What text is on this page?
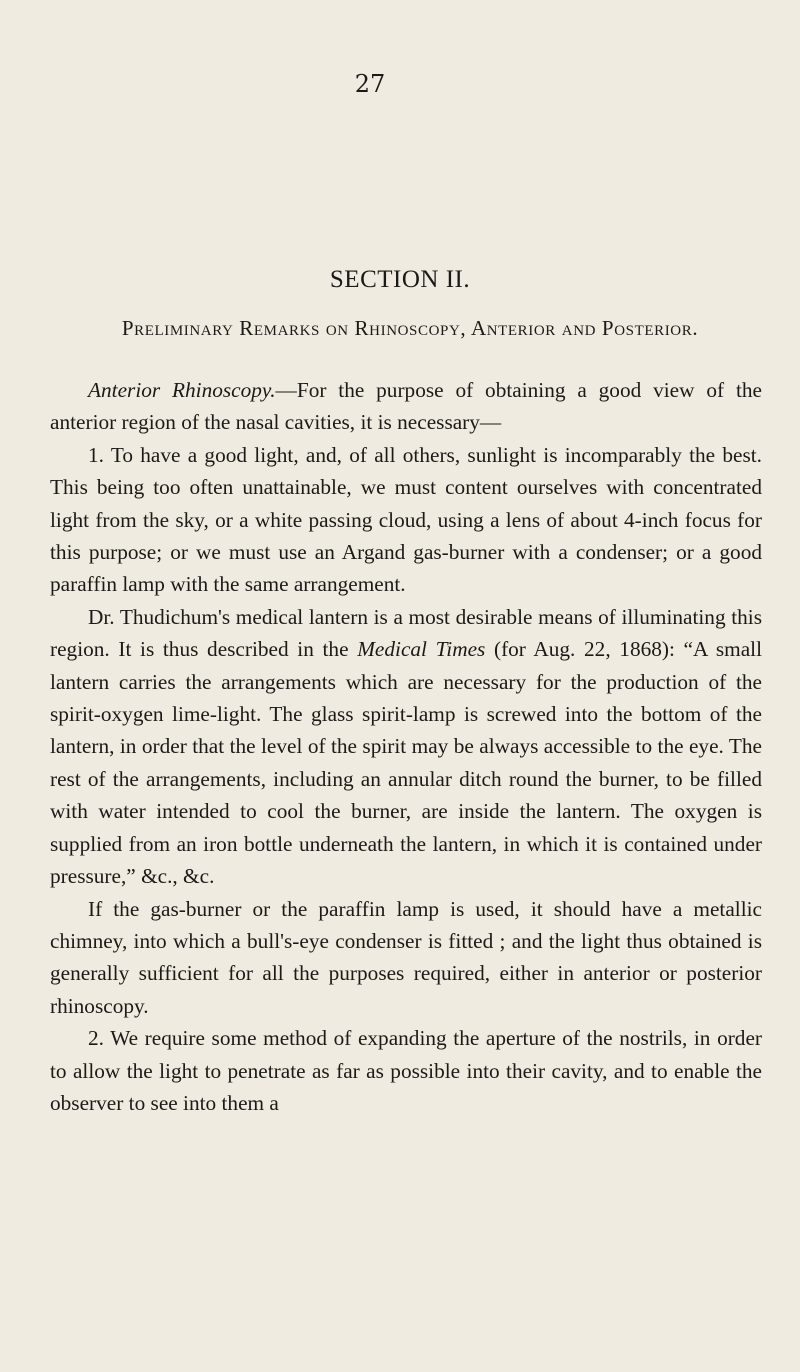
27
SECTION II.
Preliminary Remarks on Rhinoscopy, Anterior and Posterior.

Anterior Rhinoscopy.—For the purpose of obtaining a good view of the anterior region of the nasal cavities, it is necessary—

1. To have a good light, and, of all others, sunlight is incomparably the best. This being too often unattainable, we must content ourselves with concentrated light from the sky, or a white passing cloud, using a lens of about 4-inch focus for this purpose; or we must use an Argand gas-burner with a condenser; or a good paraffin lamp with the same arrangement.

Dr. Thudichum's medical lantern is a most desirable means of illuminating this region. It is thus described in the Medical Times (for Aug. 22, 1868): “A small lantern carries the arrangements which are necessary for the production of the spirit-oxygen lime-light. The glass spirit-lamp is screwed into the bottom of the lantern, in order that the level of the spirit may be always accessible to the eye. The rest of the arrangements, including an annular ditch round the burner, to be filled with water intended to cool the burner, are inside the lantern. The oxygen is supplied from an iron bottle underneath the lantern, in which it is contained under pressure,” &c., &c.

If the gas-burner or the paraffin lamp is used, it should have a metallic chimney, into which a bull's-eye condenser is fitted ; and the light thus obtained is generally sufficient for all the purposes required, either in anterior or posterior rhinoscopy.

2. We require some method of expanding the aperture of the nostrils, in order to allow the light to penetrate as far as possible into their cavity, and to enable the observer to see into them a
